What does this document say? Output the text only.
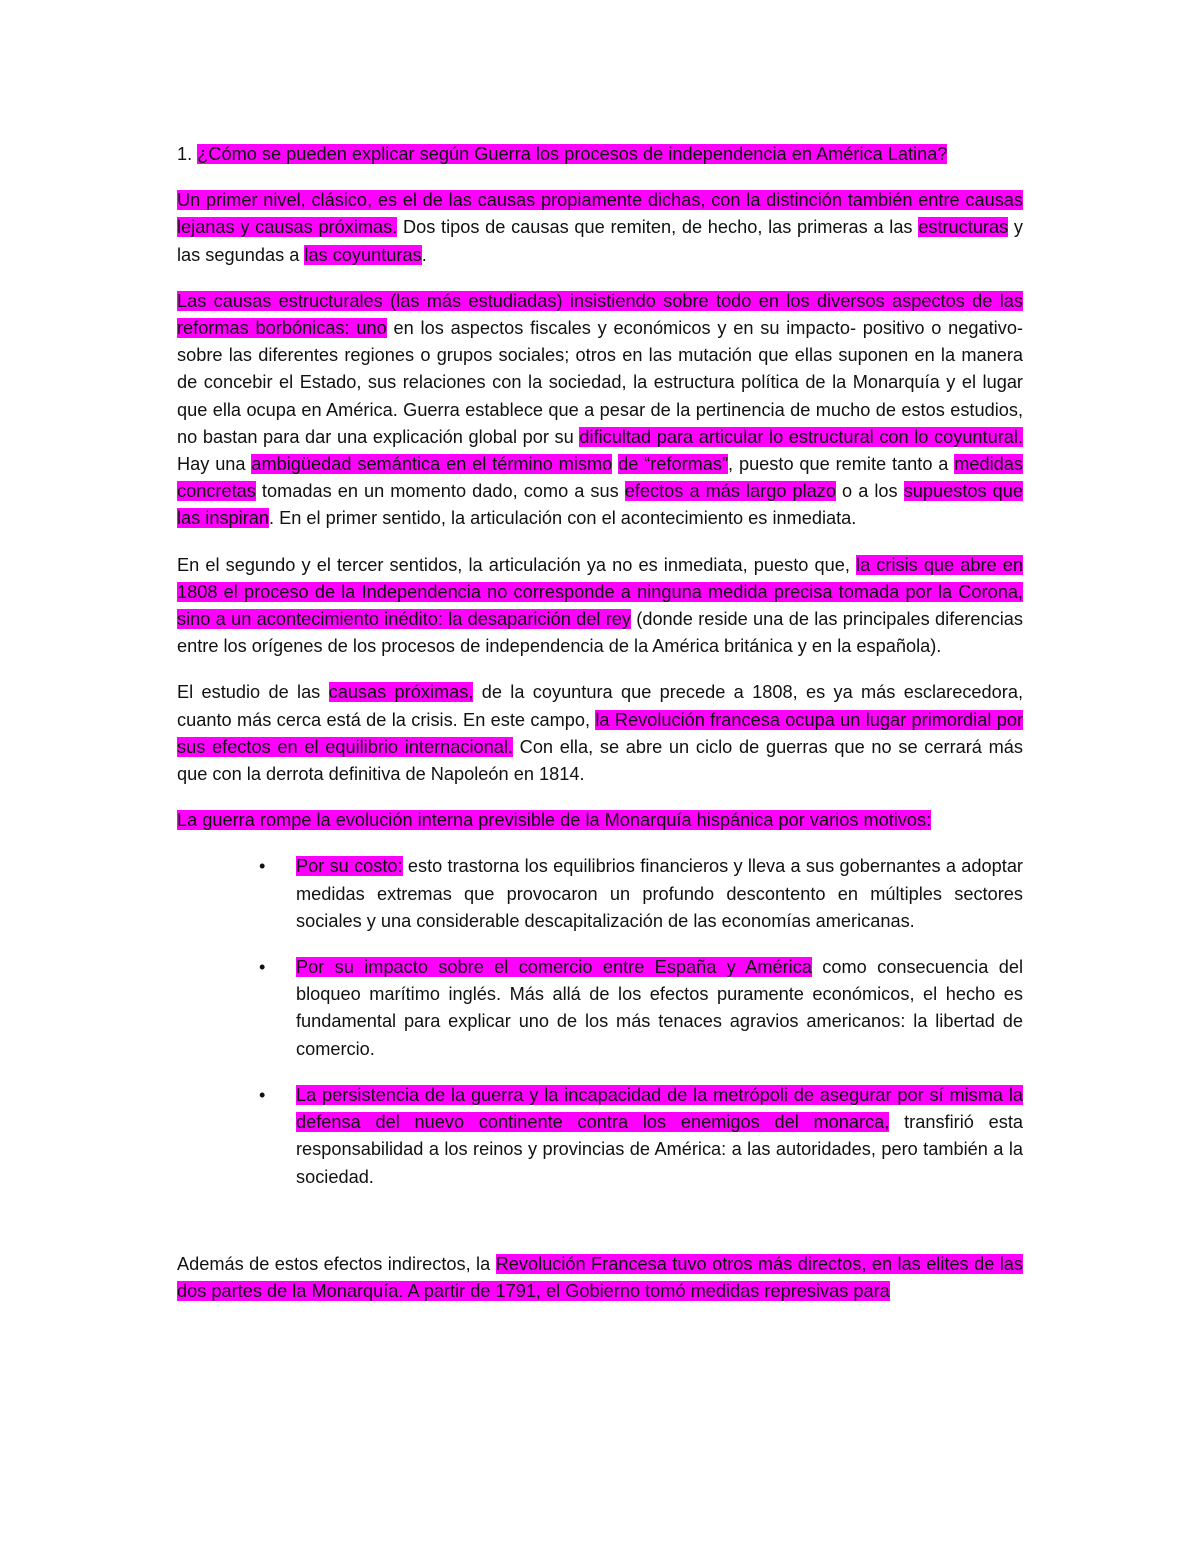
1. ¿Cómo se pueden explicar según Guerra los procesos de independencia en América Latina?

Un primer nivel, clásico, es el de las causas propiamente dichas, con la distinción también entre causas lejanas y causas próximas. Dos tipos de causas que remiten, de hecho, las primeras a las estructuras y las segundas a las coyunturas.

Las causas estructurales (las más estudiadas) insistiendo sobre todo en los diversos aspectos de las reformas borbónicas: uno en los aspectos fiscales y económicos y en su impacto- positivo o negativo- sobre las diferentes regiones o grupos sociales; otros en las mutación que ellas suponen en la manera de concebir el Estado, sus relaciones con la sociedad, la estructura política de la Monarquía y el lugar que ella ocupa en América. Guerra establece que a pesar de la pertinencia de mucho de estos estudios, no bastan para dar una explicación global por su dificultad para articular lo estructural con lo coyuntural. Hay una ambigüedad semántica en el término mismo de “reformas”, puesto que remite tanto a medidas concretas tomadas en un momento dado, como a sus efectos a más largo plazo o a los supuestos que las inspiran. En el primer sentido, la articulación con el acontecimiento es inmediata.

En el segundo y el tercer sentidos, la articulación ya no es inmediata, puesto que, la crisis que abre en 1808 el proceso de la Independencia no corresponde a ninguna medida precisa tomada por la Corona, sino a un acontecimiento inédito: la desaparición del rey (donde reside una de las principales diferencias entre los orígenes de los procesos de independencia de la América británica y en la española).

El estudio de las causas próximas, de la coyuntura que precede a 1808, es ya más esclarecedora, cuanto más cerca está de la crisis. En este campo, la Revolución francesa ocupa un lugar primordial por sus efectos en el equilibrio internacional. Con ella, se abre un ciclo de guerras que no se cerrará más que con la derrota definitiva de Napoleón en 1814.

La guerra rompe la evolución interna previsible de la Monarquía hispánica por varios motivos:

• Por su costo: esto trastorna los equilibrios financieros y lleva a sus gobernantes a adoptar medidas extremas que provocaron un profundo descontento en múltiples sectores sociales y una considerable descapitalización de las economías americanas.
• Por su impacto sobre el comercio entre España y América como consecuencia del bloqueo marítimo inglés. Más allá de los efectos puramente económicos, el hecho es fundamental para explicar uno de los más tenaces agravios americanos: la libertad de comercio.
• La persistencia de la guerra y la incapacidad de la metrópoli de asegurar por sí misma la defensa del nuevo continente contra los enemigos del monarca, transfirió esta responsabilidad a los reinos y provincias de América: a las autoridades, pero también a la sociedad.

Además de estos efectos indirectos, la Revolución Francesa tuvo otros más directos, en las elites de las dos partes de la Monarquía. A partir de 1791, el Gobierno tomó medidas represivas para
